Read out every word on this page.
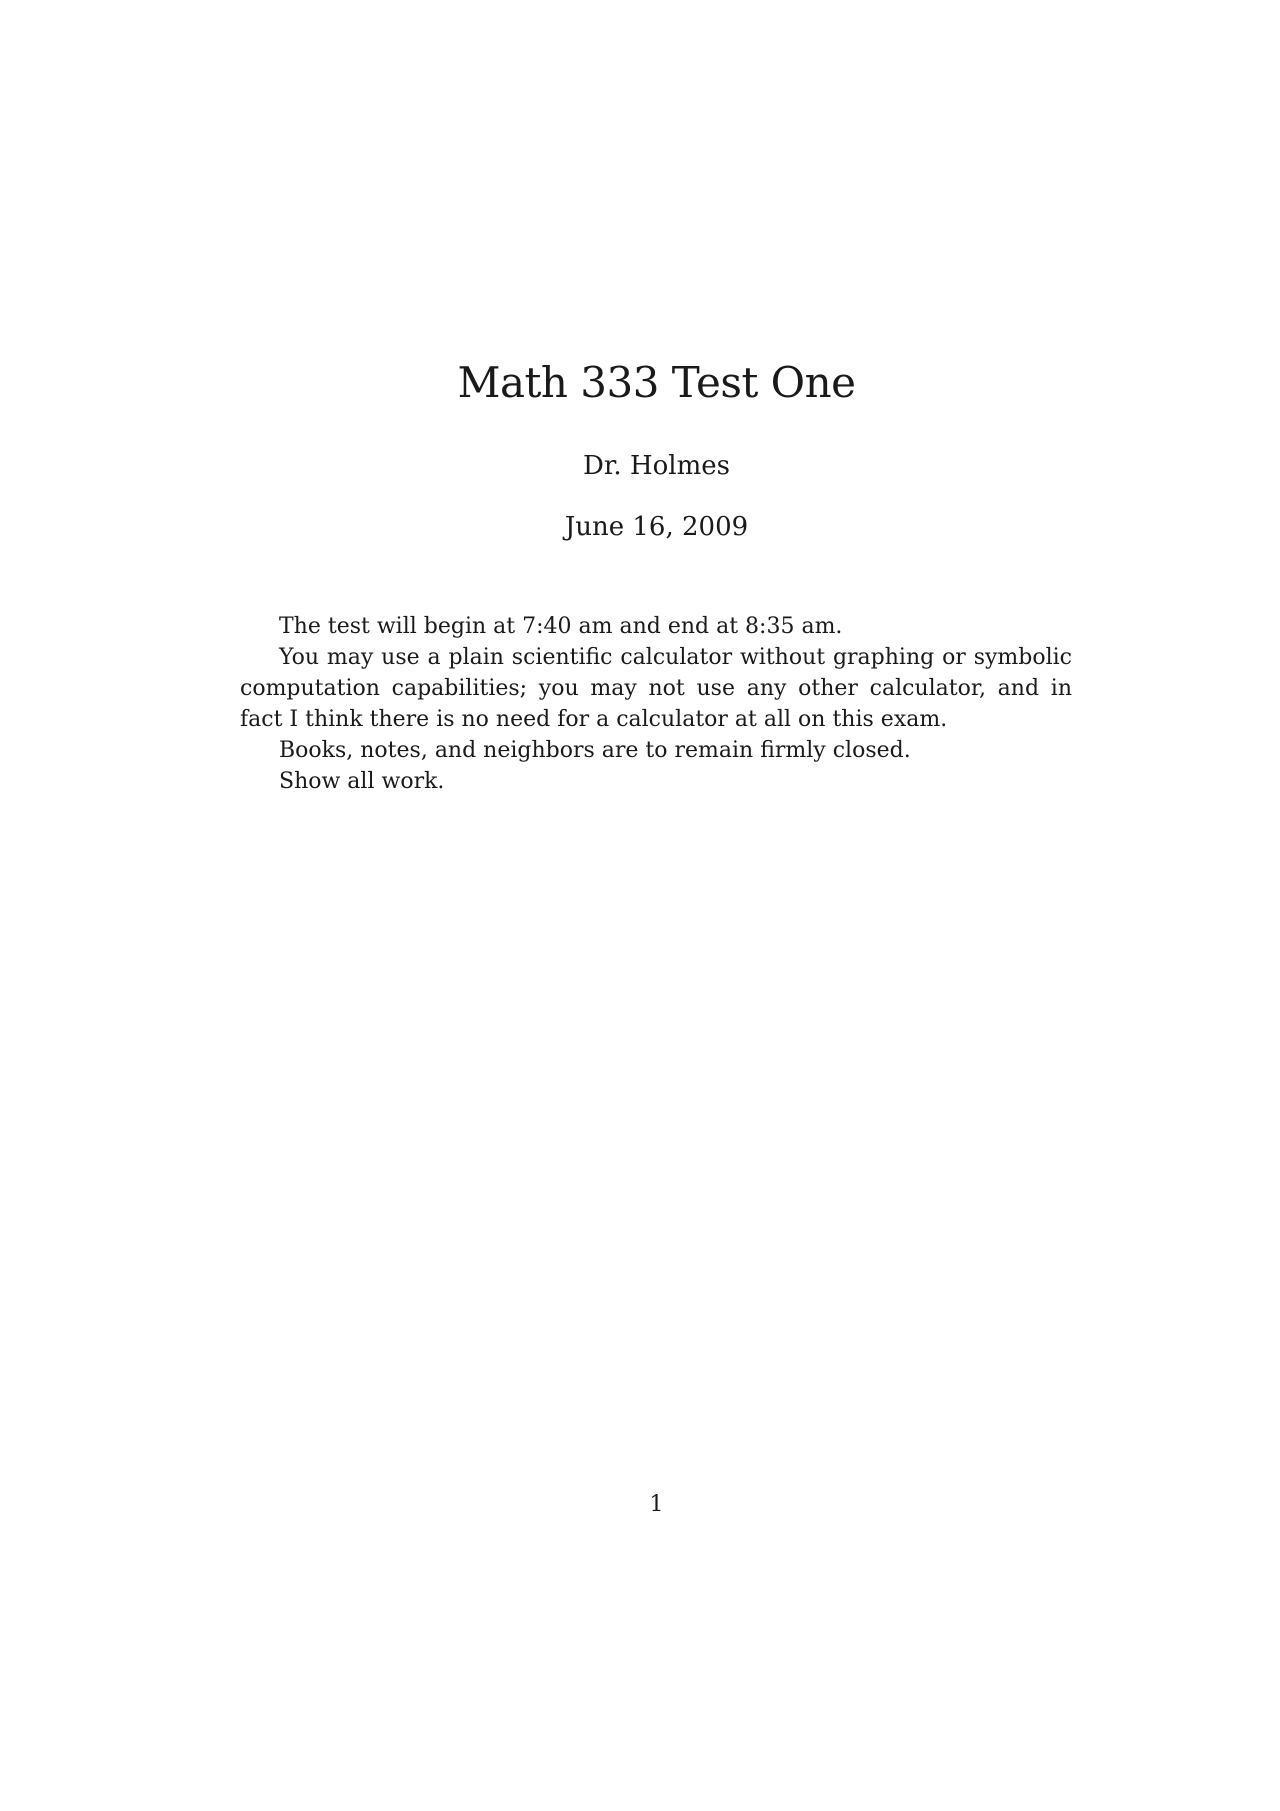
Math 333 Test One
Dr. Holmes
June 16, 2009

The test will begin at 7:40 am and end at 8:35 am.

You may use a plain scientific calculator without graphing or symbolic computation capabilities; you may not use any other calculator, and in fact I think there is no need for a calculator at all on this exam.

Books, notes, and neighbors are to remain firmly closed.

Show all work.

1
